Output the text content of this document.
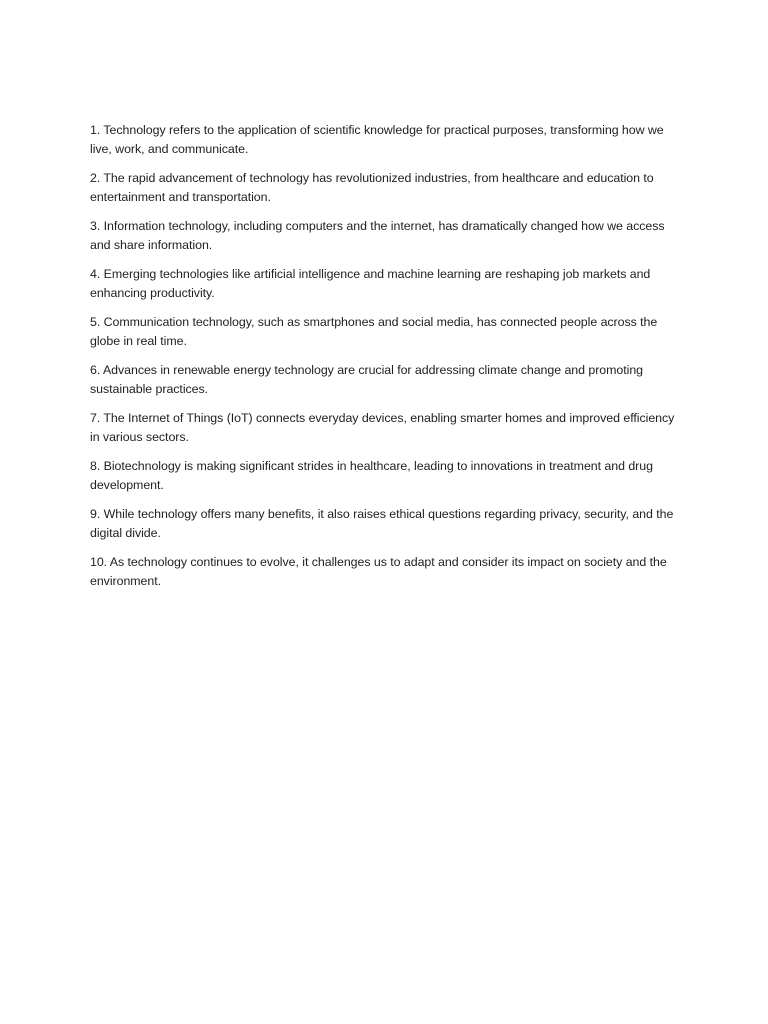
1. Technology refers to the application of scientific knowledge for practical purposes, transforming how we live, work, and communicate.

2. The rapid advancement of technology has revolutionized industries, from healthcare and education to entertainment and transportation.

3. Information technology, including computers and the internet, has dramatically changed how we access and share information.

4. Emerging technologies like artificial intelligence and machine learning are reshaping job markets and enhancing productivity.

5. Communication technology, such as smartphones and social media, has connected people across the globe in real time.

6. Advances in renewable energy technology are crucial for addressing climate change and promoting sustainable practices.

7. The Internet of Things (IoT) connects everyday devices, enabling smarter homes and improved efficiency in various sectors.

8. Biotechnology is making significant strides in healthcare, leading to innovations in treatment and drug development.

9. While technology offers many benefits, it also raises ethical questions regarding privacy, security, and the digital divide.

10. As technology continues to evolve, it challenges us to adapt and consider its impact on society and the environment.
